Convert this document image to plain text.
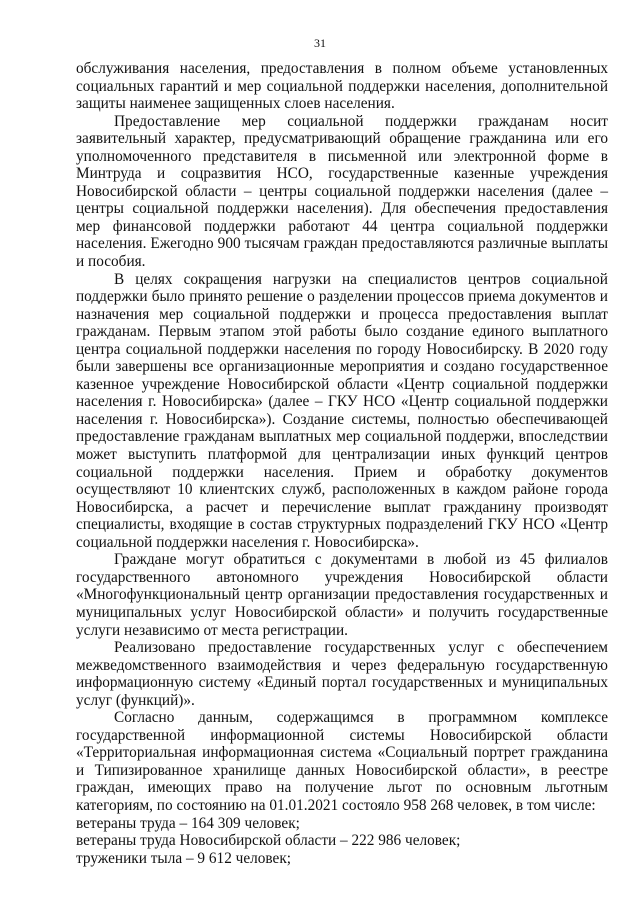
31

обслуживания населения, предоставления в полном объеме установленных социальных гарантий и мер социальной поддержки населения, дополнительной защиты наименее защищенных слоев населения.

Предоставление мер социальной поддержки гражданам носит заявительный характер, предусматривающий обращение гражданина или его уполномоченного представителя в письменной или электронной форме в Минтруда и соцразвития НСО, государственные казенные учреждения Новосибирской области – центры социальной поддержки населения (далее – центры социальной поддержки населения). Для обеспечения предоставления мер финансовой поддержки работают 44 центра социальной поддержки населения. Ежегодно 900 тысячам граждан предоставляются различные выплаты и пособия.

В целях сокращения нагрузки на специалистов центров социальной поддержки было принято решение о разделении процессов приема документов и назначения мер социальной поддержки и процесса предоставления выплат гражданам. Первым этапом этой работы было создание единого выплатного центра социальной поддержки населения по городу Новосибирску. В 2020 году были завершены все организационные мероприятия и создано государственное казенное учреждение Новосибирской области «Центр социальной поддержки населения г. Новосибирска» (далее – ГКУ НСО «Центр социальной поддержки населения г. Новосибирска»). Создание системы, полностью обеспечивающей предоставление гражданам выплатных мер социальной поддержи, впоследствии может выступить платформой для централизации иных функций центров социальной поддержки населения. Прием и обработку документов осуществляют 10 клиентских служб, расположенных в каждом районе города Новосибирска, а расчет и перечисление выплат гражданину производят специалисты, входящие в состав структурных подразделений ГКУ НСО «Центр социальной поддержки населения г. Новосибирска».

Граждане могут обратиться с документами в любой из 45 филиалов государственного автономного учреждения Новосибирской области «Многофункциональный центр организации предоставления государственных и муниципальных услуг Новосибирской области» и получить государственные услуги независимо от места регистрации.

Реализовано предоставление государственных услуг с обеспечением межведомственного взаимодействия и через федеральную государственную информационную систему «Единый портал государственных и муниципальных услуг (функций)».

Согласно данным, содержащимся в программном комплексе государственной информационной системы Новосибирской области «Территориальная информационная система «Социальный портрет гражданина и Типизированное хранилище данных Новосибирской области», в реестре граждан, имеющих право на получение льгот по основным льготным категориям, по состоянию на 01.01.2021 состояло 958 268 человек, в том числе:

ветераны труда – 164 309 человек;

ветераны труда Новосибирской области – 222 986 человек;

труженики тыла – 9 612 человек;
